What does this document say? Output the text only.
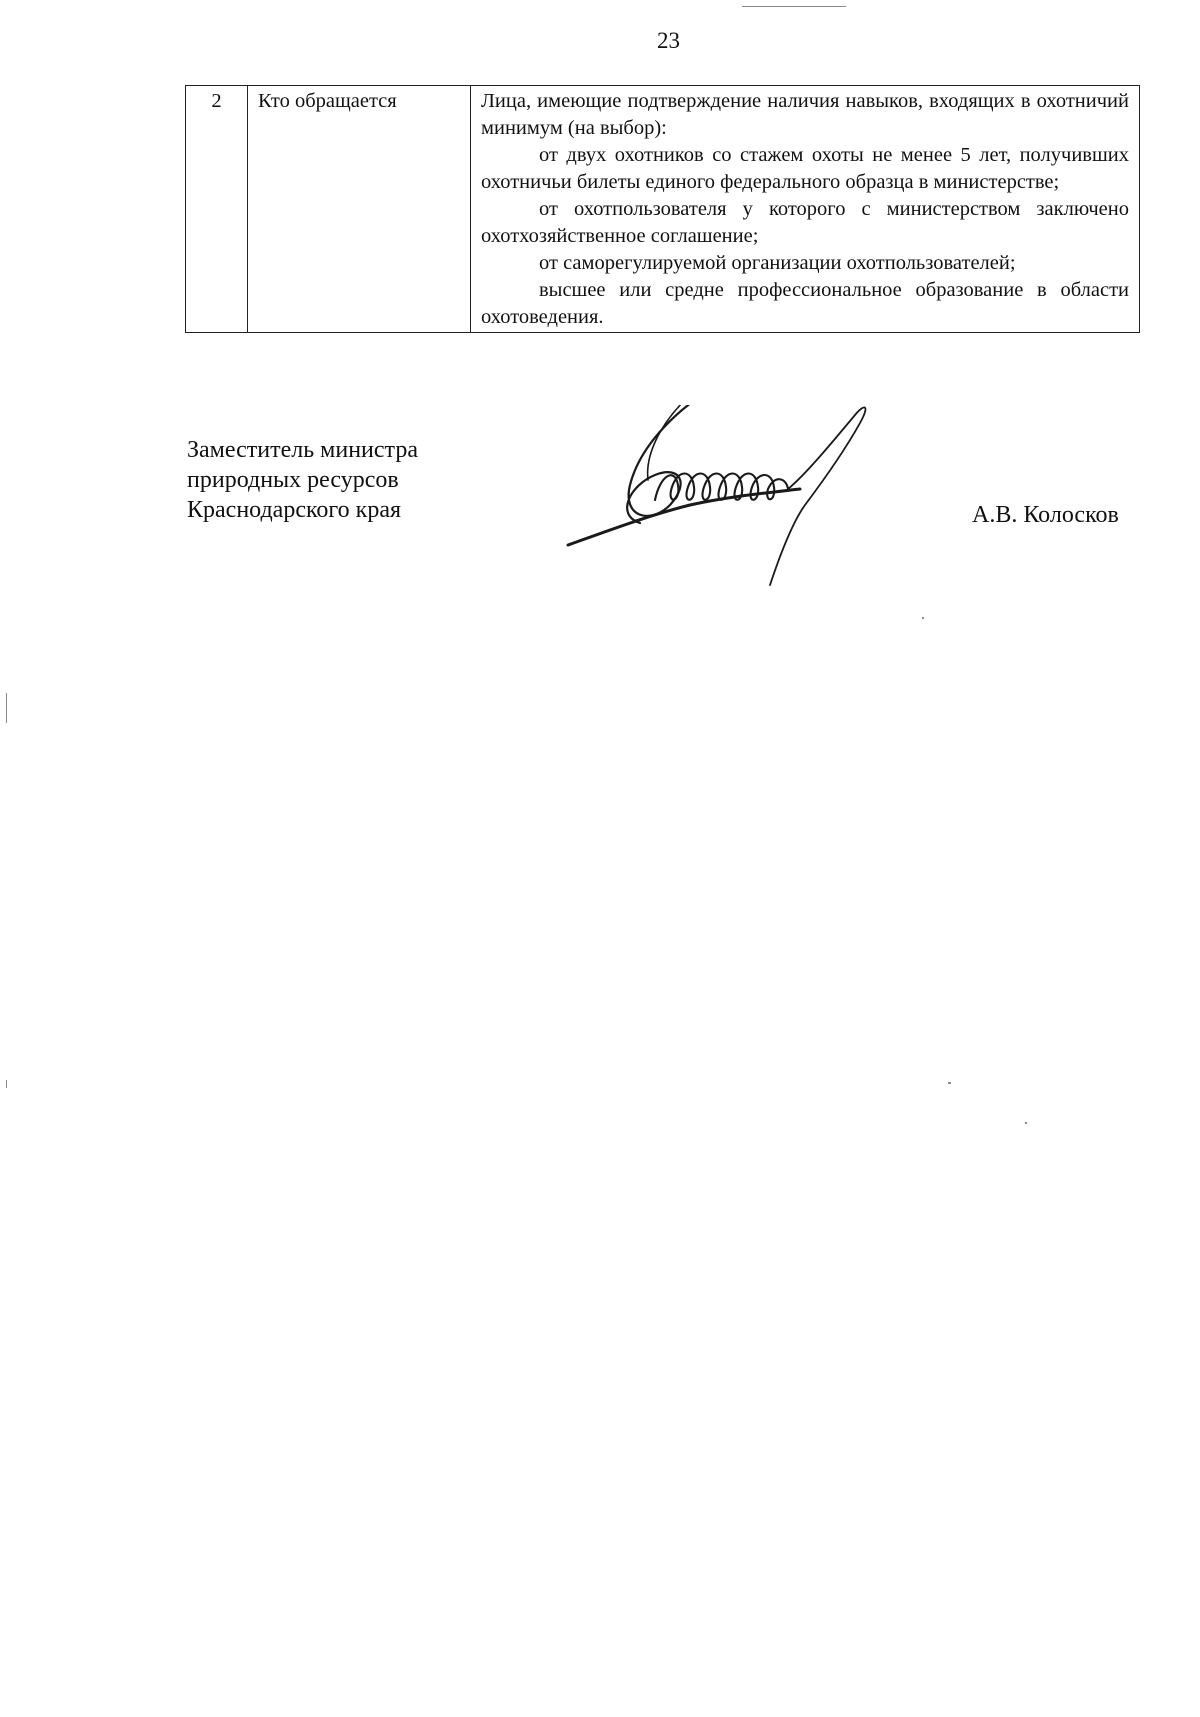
23
2	Кто обращается	Лица, имеющие подтверждение наличия навыков, входящих в охотничий минимум (на выбор):

от двух охотников со стажем охоты не менее 5 лет, получивших охотничьи билеты единого федерального образца в министерстве;

от охотпользователя у которого с министерством заключено охотхозяйственное соглашение;

от саморегулируемой организации охотпользователей;

высшее или средне профессиональное образование в области охотоведения.

Заместитель министра
природных ресурсов
Краснодарского края	А.В. Колосков
